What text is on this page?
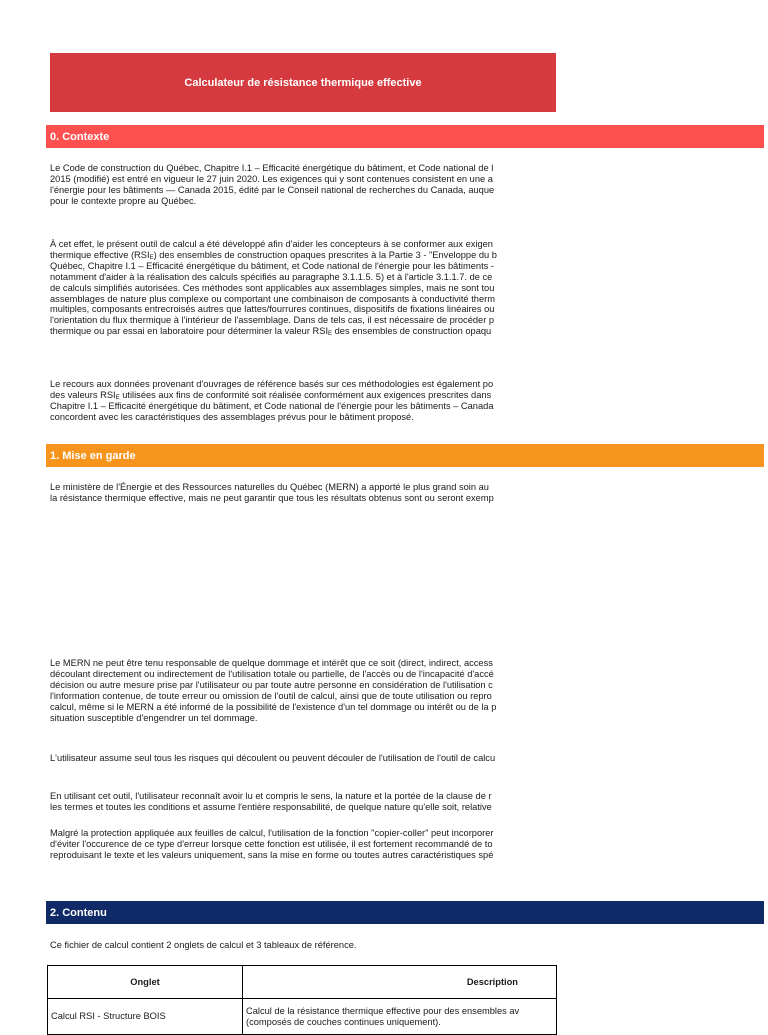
Calculateur de résistance thermique effective
0. Contexte
Le Code de construction du Québec, Chapitre I.1 – Efficacité énergétique du bâtiment, et Code national de l
2015 (modifié) est entré en vigueur le 27 juin 2020. Les exigences qui y sont contenues consistent en une a
l'énergie pour les bâtiments — Canada 2015, édité par le Conseil national de recherches du Canada, auque
pour le contexte propre au Québec.
À cet effet, le présent outil de calcul a été développé afin d'aider les concepteurs à se conformer aux exigen
thermique effective $(RSI_E)$ des ensembles de construction opaques prescrites à la Partie 3 - "Enveloppe du b
Québec, Chapitre I.1 – Efficacité énergétique du bâtiment, et Code national de l'énergie pour les bâtiments -
notamment d'aider à la réalisation des calculs spécifiés au paragraphe 3.1.1.5. 5) et à l'article 3.1.1.7. de ce
de calculs simplifiés autorisées. Ces méthodes sont applicables aux assemblages simples, mais ne sont tou
assemblages de nature plus complexe ou comportant une combinaison de composants à conductivité therm
multiples, composants entrecroisés autres que lattes/fourrures continues, dispositifs de fixations linéaires ou
l'orientation du flux thermique à l'intérieur de l'assemblage. Dans de tels cas, il est nécessaire de procéder p
thermique ou par essai en laboratoire pour déterminer la valeur $RSI_E$ des ensembles de construction opaqu
Le recours aux données provenant d'ouvrages de référence basés sur ces méthodologies est également po
des valeurs $RSI_E$ utilisées aux fins de conformité soit réalisée conformément aux exigences prescrites dans
Chapitre I.1 – Efficacité énergétique du bâtiment, et Code national de l'énergie pour les bâtiments – Canada
concordent avec les caractéristiques des assemblages prévus pour le bâtiment proposé.
1. Mise en garde
Le ministère de l'Énergie et des Ressources naturelles du Québec (MERN) a apporté le plus grand soin au
la résistance thermique effective, mais ne peut garantir que tous les résultats obtenus sont ou seront exemp
Le MERN ne peut être tenu responsable de quelque dommage et intérêt que ce soit (direct, indirect, access
découlant directement ou indirectement de l'utilisation totale ou partielle, de l'accès ou de l'incapacité d'accé
décision ou autre mesure prise par l'utilisateur ou par toute autre personne en considération de l'utilisation c
l'information contenue, de toute erreur ou omission de l'outil de calcul, ainsi que de toute utilisation ou repro
calcul, même si le MERN a été informé de la possibilité de l'existence d'un tel dommage ou intérêt ou de la p
situation susceptible d'engendrer un tel dommage.
L'utilisateur assume seul tous les risques qui découlent ou peuvent découler de l'utilisation de l'outil de calcu
En utilisant cet outil, l'utilisateur reconnaît avoir lu et compris le sens, la nature et la portée de la clause de r
les termes et toutes les conditions et assume l'entière responsabilité, de quelque nature qu'elle soit, relative
Malgré la protection appliquée aux feuilles de calcul, l'utilisation de la fonction "copier-coller" peut incorporer
d'éviter l'occurence de ce type d'erreur lorsque cette fonction est utilisée, il est fortement recommandé de to
reproduisant le texte et les valeurs uniquement, sans la mise en forme ou toutes autres caractéristiques spé
2. Contenu
Ce fichier de calcul contient 2 onglets de calcul et 3 tableaux de référence.
Onglet	Description
Calcul RSI - Structure BOIS	Calcul de la résistance thermique effective pour des ensembles av (composés de couches continues uniquement).
